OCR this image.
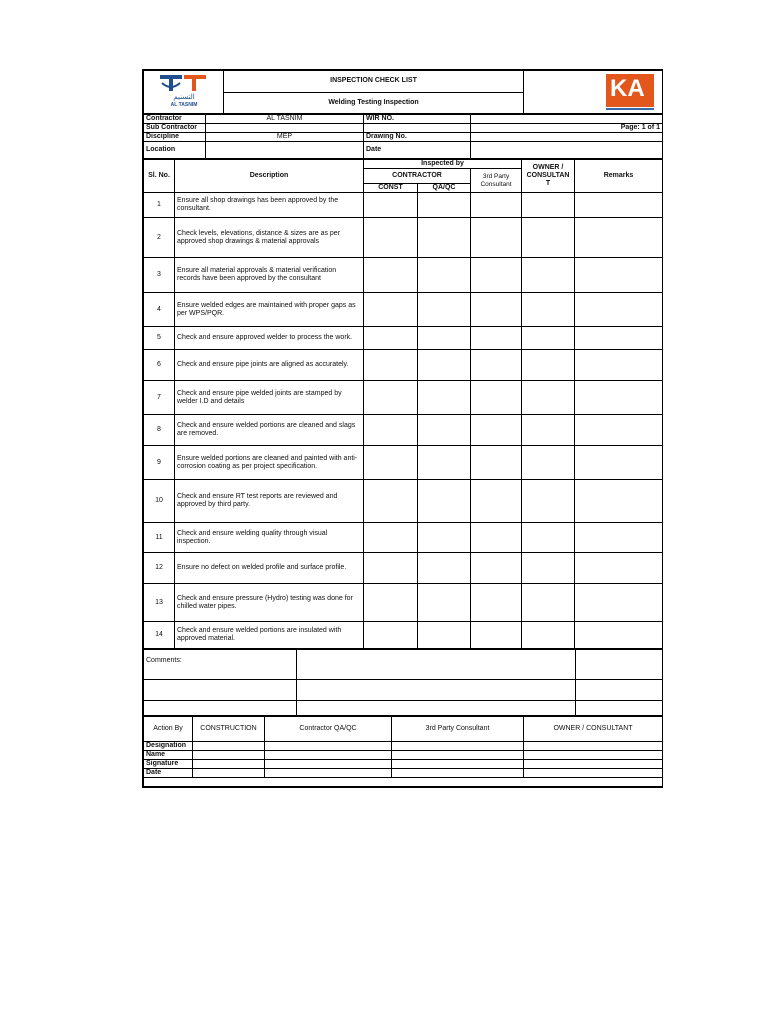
التسنيم
AL TASNIM
	INSPECTION CHECK LIST	KA

Welding Testing Inspection
Contractor	AL TASNIM	WIR NO.	
Sub Contractor			Page: 1 of 1
Discipline	MEP	Drawing No.	
Location		Date	
Sl. No.	Description	Inspected by			OWNER / CONSULTAN T	Remarks
		CONTRACTOR		3rd Party Consultant		
		CONST	QA/QC			
1	Ensure all shop drawings has been approved by the consultant.					
2	Check levels, elevations, distance & sizes are as per approved shop drawings & material approvals					
3	Ensure all material approvals & material verification records have been approved by the consultant					
4	Ensure welded edges are maintained with proper gaps as per WPS/PQR.					
5	Check and ensure approved welder to process the work.					
6	Check and ensure pipe joints are aligned as accurately.					
7	Check and ensure pipe welded joints are stamped by welder I.D and details					
8	Check and ensure welded portions are cleaned and slags are removed.					
9	Ensure welded portions are cleaned and painted with anti-corrosion coating as per project specification.					
10	Check and ensure RT test reports are reviewed and approved by third party.					
11	Check and ensure welding quality through visual inspection.					
12	Ensure no defect on welded profile and surface profile.					
13	Check and ensure pressure (Hydro) testing was done for chilled water pipes.					
14	Check and ensure welded portions are insulated with approved material.					
Comments:		

Action By	CONSTRUCTION	Contractor QA/QC	3rd Party Consultant	OWNER / CONSULTANT
Designation				
Name				
Signature				
Date				
